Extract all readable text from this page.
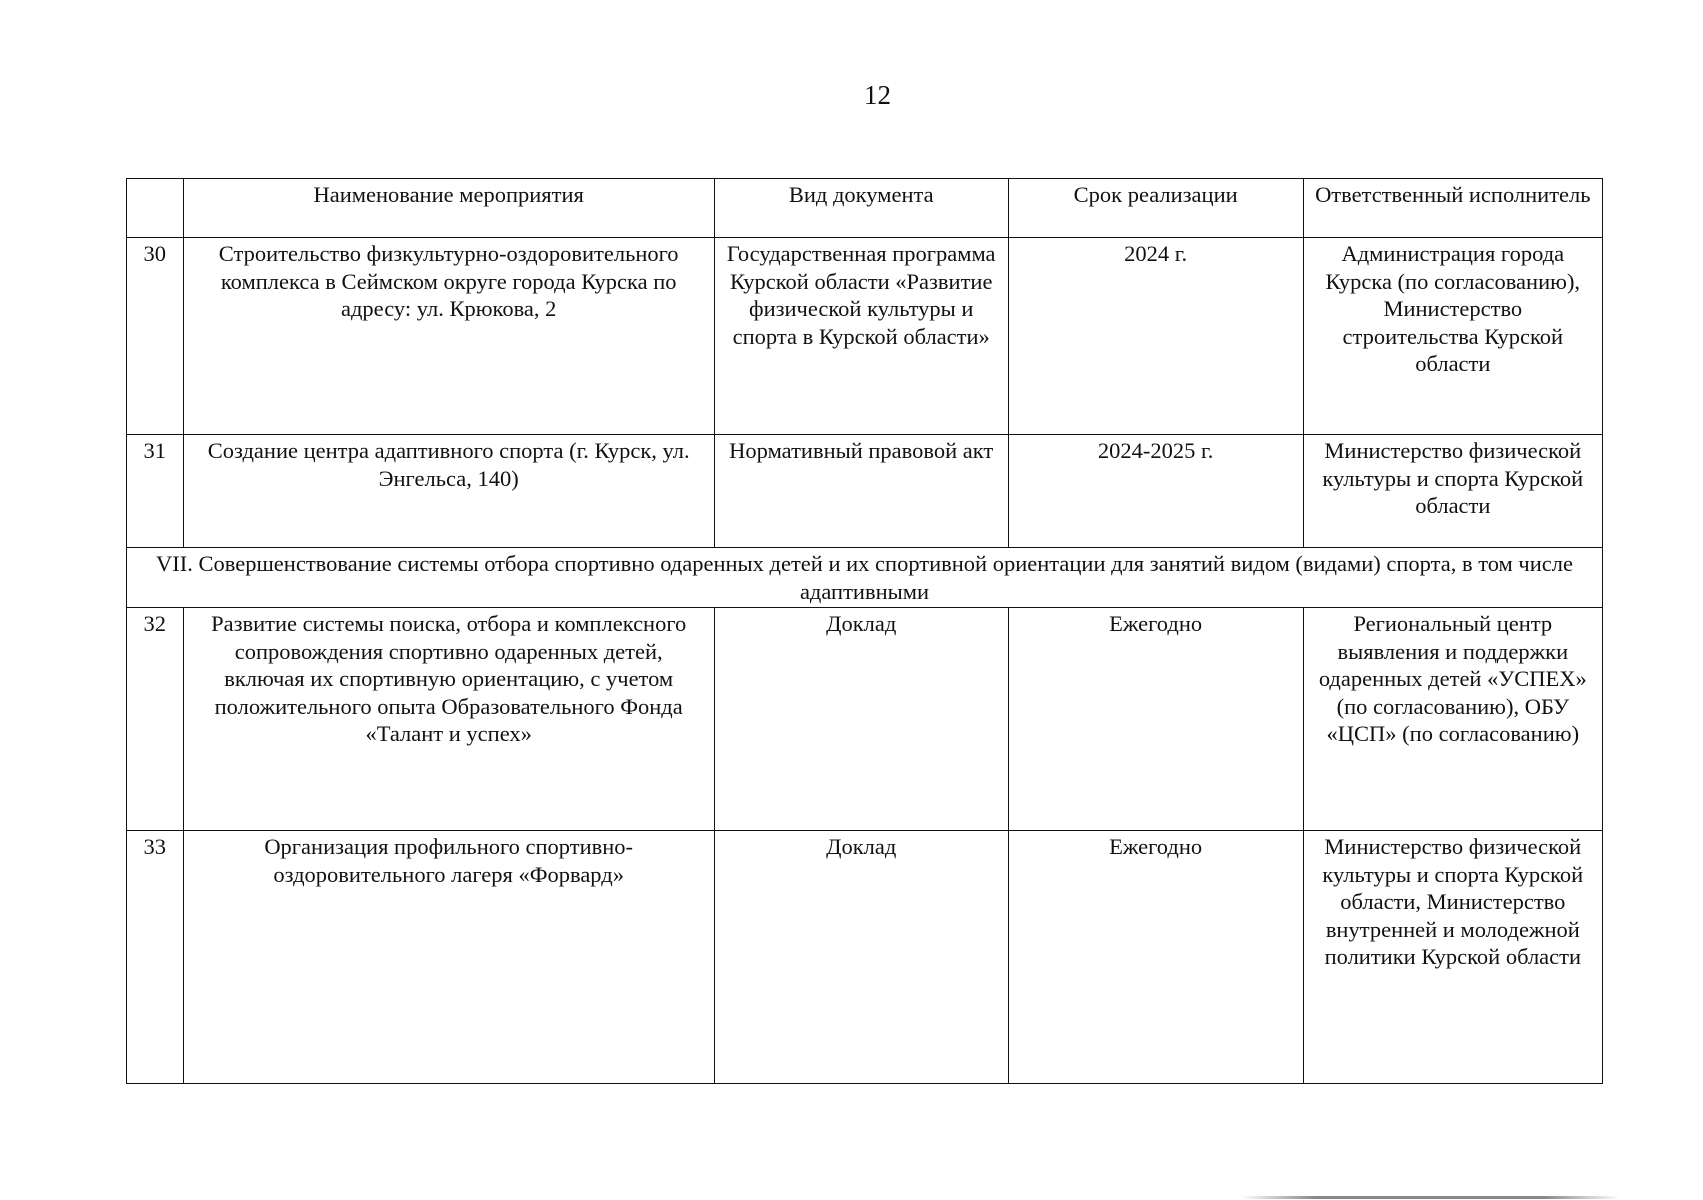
12
	Наименование мероприятия	Вид документа	Срок реализации	Ответственный исполнитель
30	Строительство физкультурно-оздоровительного комплекса в Сеймском округе города Курска по адресу: ул. Крюкова, 2	Государственная программа Курской области «Развитие физической культуры и спорта в Курской области»	2024 г.	Администрация города Курска (по согласованию), Министерство строительства Курской области
31	Создание центра адаптивного спорта (г. Курск, ул. Энгельса, 140)	Нормативный правовой акт	2024-2025 г.	Министерство физической культуры и спорта Курской области
VII. Совершенствование системы отбора спортивно одаренных детей и их спортивной ориентации для занятий видом (видами) спорта, в том числе адаптивными				
32	Развитие системы поиска, отбора и комплексного сопровождения спортивно одаренных детей, включая их спортивную ориентацию, с учетом положительного опыта Образовательного Фонда «Талант и успех»	Доклад	Ежегодно	Региональный центр выявления и поддержки одаренных детей «УСПЕХ» (по согласованию), ОБУ «ЦСП» (по согласованию)
33	Организация профильного спортивно-оздоровительного лагеря «Форвард»	Доклад	Ежегодно	Министерство физической культуры и спорта Курской области, Министерство внутренней и молодежной политики Курской области
